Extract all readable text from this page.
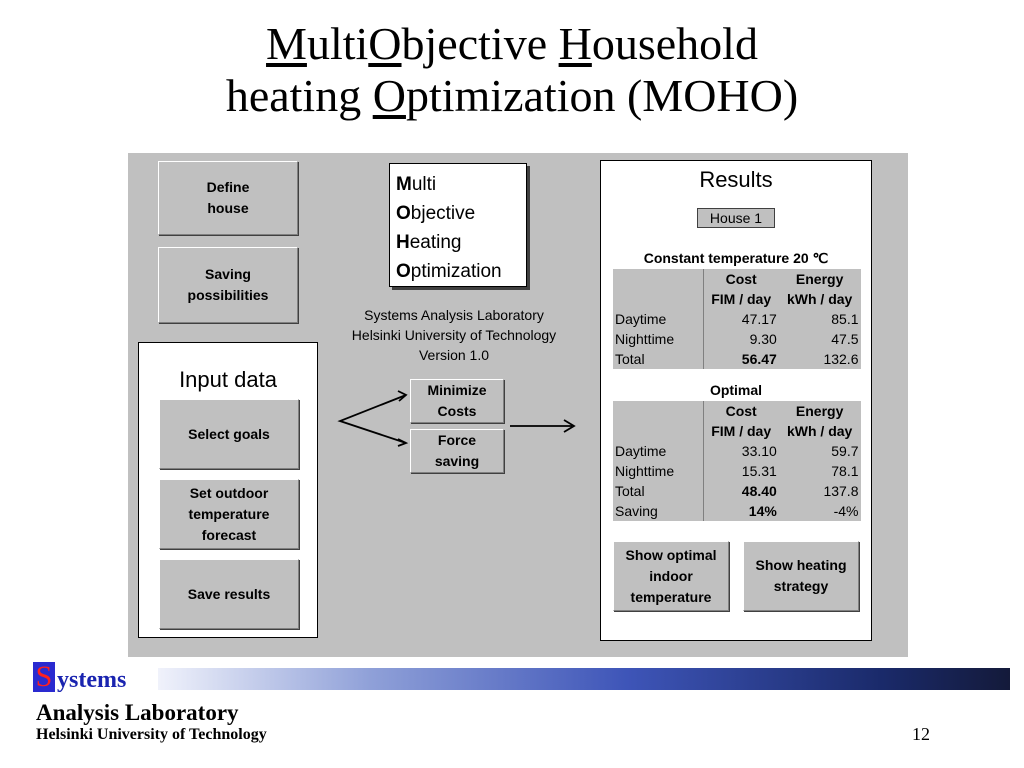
MultiObjective Household
heating Optimization (MOHO)
Define
house
Saving
possibilities
Input data
Select goals
Set outdoor
temperature
forecast
Save results
Multi
Objective
Heating
Optimization
Systems Analysis Laboratory
Helsinki University of Technology
Version 1.0
Minimize
Costs
Force
saving
Results
House 1
Constant temperature 20 ℃
	Cost	Energy
	FIM / day	kWh / day
Daytime	47.17	85.1
Nighttime	9.30	47.5
Total	56.47	132.6
Optimal
	Cost	Energy
	FIM / day	kWh / day
Daytime	33.10	59.7
Nighttime	15.31	78.1
Total	48.40	137.8
Saving	14%	-4%
Show optimal
indoor
temperature
Show heating
strategy
S ystems
Analysis Laboratory
Helsinki University of Technology	12
